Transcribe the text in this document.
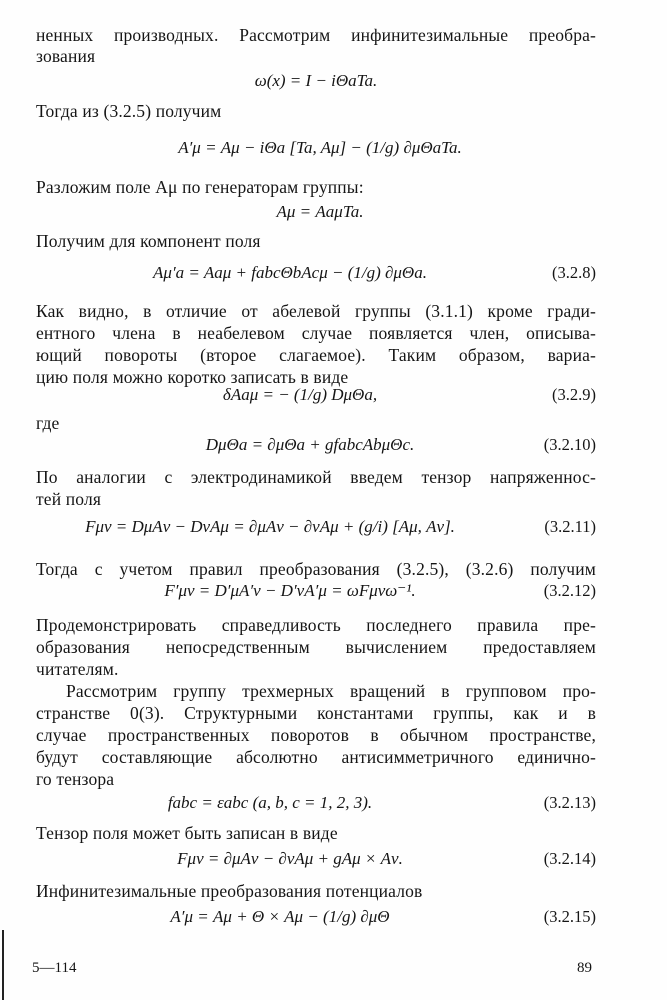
ненных производных. Рассмотрим инфинитезимальные преобра-
зования
ω(x) = I − iΘaTa.
Тогда из (3.2.5) получим
A′μ = Aμ − iΘa [Ta, Aμ] − (1/g) ∂μΘaTa.
Разложим поле Aμ по генераторам группы:
Aμ = AaμTa.
Получим для компонент поля
Aμ′a = Aaμ + fabcΘbAcμ − (1/g) ∂μΘa.	(3.2.8)
Как видно, в отличие от абелевой группы (3.1.1) кроме гради-
ентного члена в неабелевом случае появляется член, описыва-
ющий повороты (второе слагаемое). Таким образом, вариа-
цию поля можно коротко записать в виде
δAaμ = − (1/g) DμΘa,	(3.2.9)
где
DμΘa = ∂μΘa + gfabcAbμΘc.	(3.2.10)
По аналогии с электродинамикой введем тензор напряженнос-
тей поля
Fμν = DμAν − DνAμ = ∂μAν − ∂νAμ + (g/i) [Aμ, Aν].	(3.2.11)
Тогда с учетом правил преобразования (3.2.5), (3.2.6) получим
F′μν = D′μA′ν − D′νA′μ = ωFμνω⁻¹.	(3.2.12)
Продемонстрировать справедливость последнего правила пре-
образования непосредственным вычислением предоставляем
читателям.
Рассмотрим группу трехмерных вращений в групповом про-
странстве 0(3). Структурными константами группы, как и в
случае пространственных поворотов в обычном пространстве,
будут составляющие абсолютно антисимметричного единично-
го тензора
fabc = εabc (a, b, c = 1, 2, 3).	(3.2.13)
Тензор поля может быть записан в виде
Fμν = ∂μAν − ∂νAμ + gAμ × Aν.	(3.2.14)
Инфинитезимальные преобразования потенциалов
A′μ = Aμ + Θ × Aμ − (1/g) ∂μΘ	(3.2.15)
5—114	89
